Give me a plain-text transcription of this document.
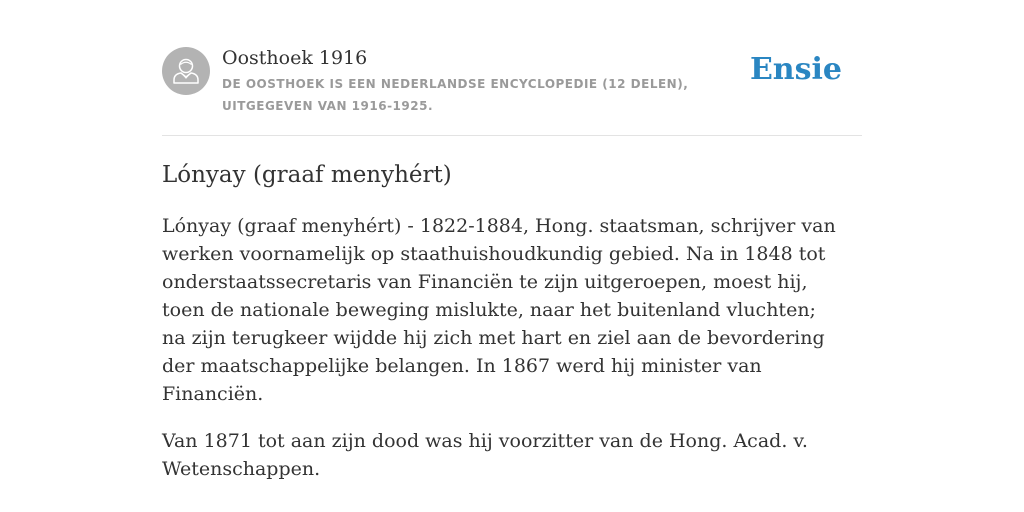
Oosthoek 1916
DE OOSTHOEK IS EEN NEDERLANDSE ENCYCLOPEDIE (12 DELEN), UITGEGEVEN VAN 1916-1925.
Ensie
Lónyay (graaf menyhért)

Lónyay (graaf menyhért) - 1822-1884, Hong. staatsman, schrijver van werken voornamelijk op staathuishoudkundig gebied. Na in 1848 tot onderstaatssecretaris van Financiën te zijn uitgeroepen, moest hij, toen de nationale beweging mislukte, naar het buitenland vluchten; na zijn terugkeer wijdde hij zich met hart en ziel aan de bevordering der maatschappelijke belangen. In 1867 werd hij minister van Financiën.

Van 1871 tot aan zijn dood was hij voorzitter van de Hong. Acad. v. Wetenschappen.
